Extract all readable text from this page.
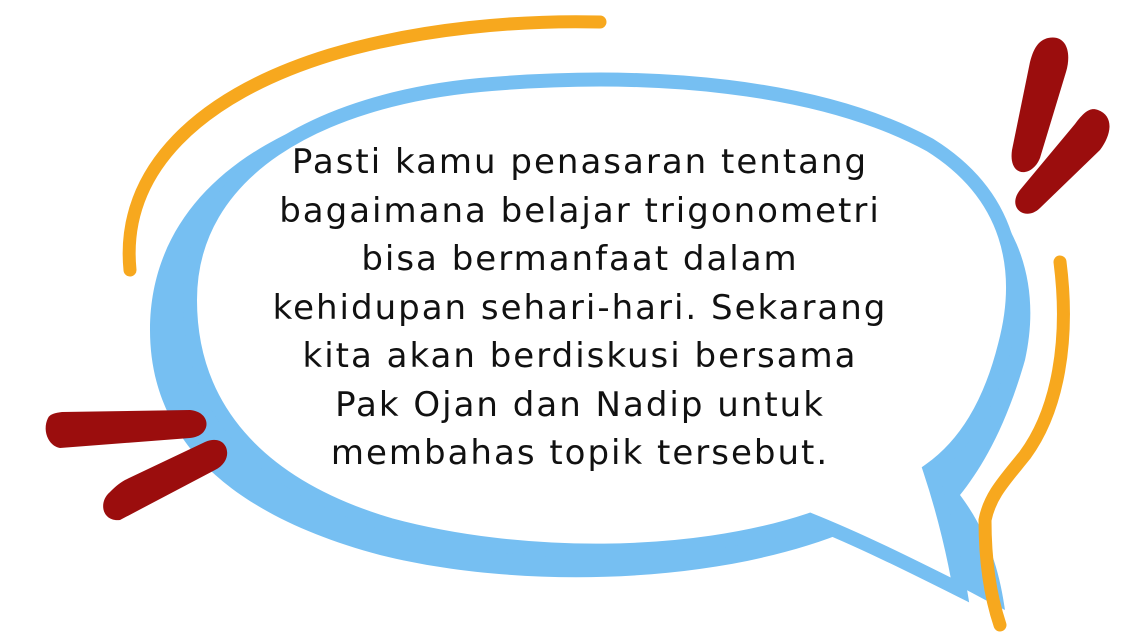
Pasti kamu penasaran tentang
bagaimana belajar trigonometri
bisa bermanfaat dalam
kehidupan sehari-hari. Sekarang
kita akan berdiskusi bersama
Pak Ojan dan Nadip untuk
membahas topik tersebut.
